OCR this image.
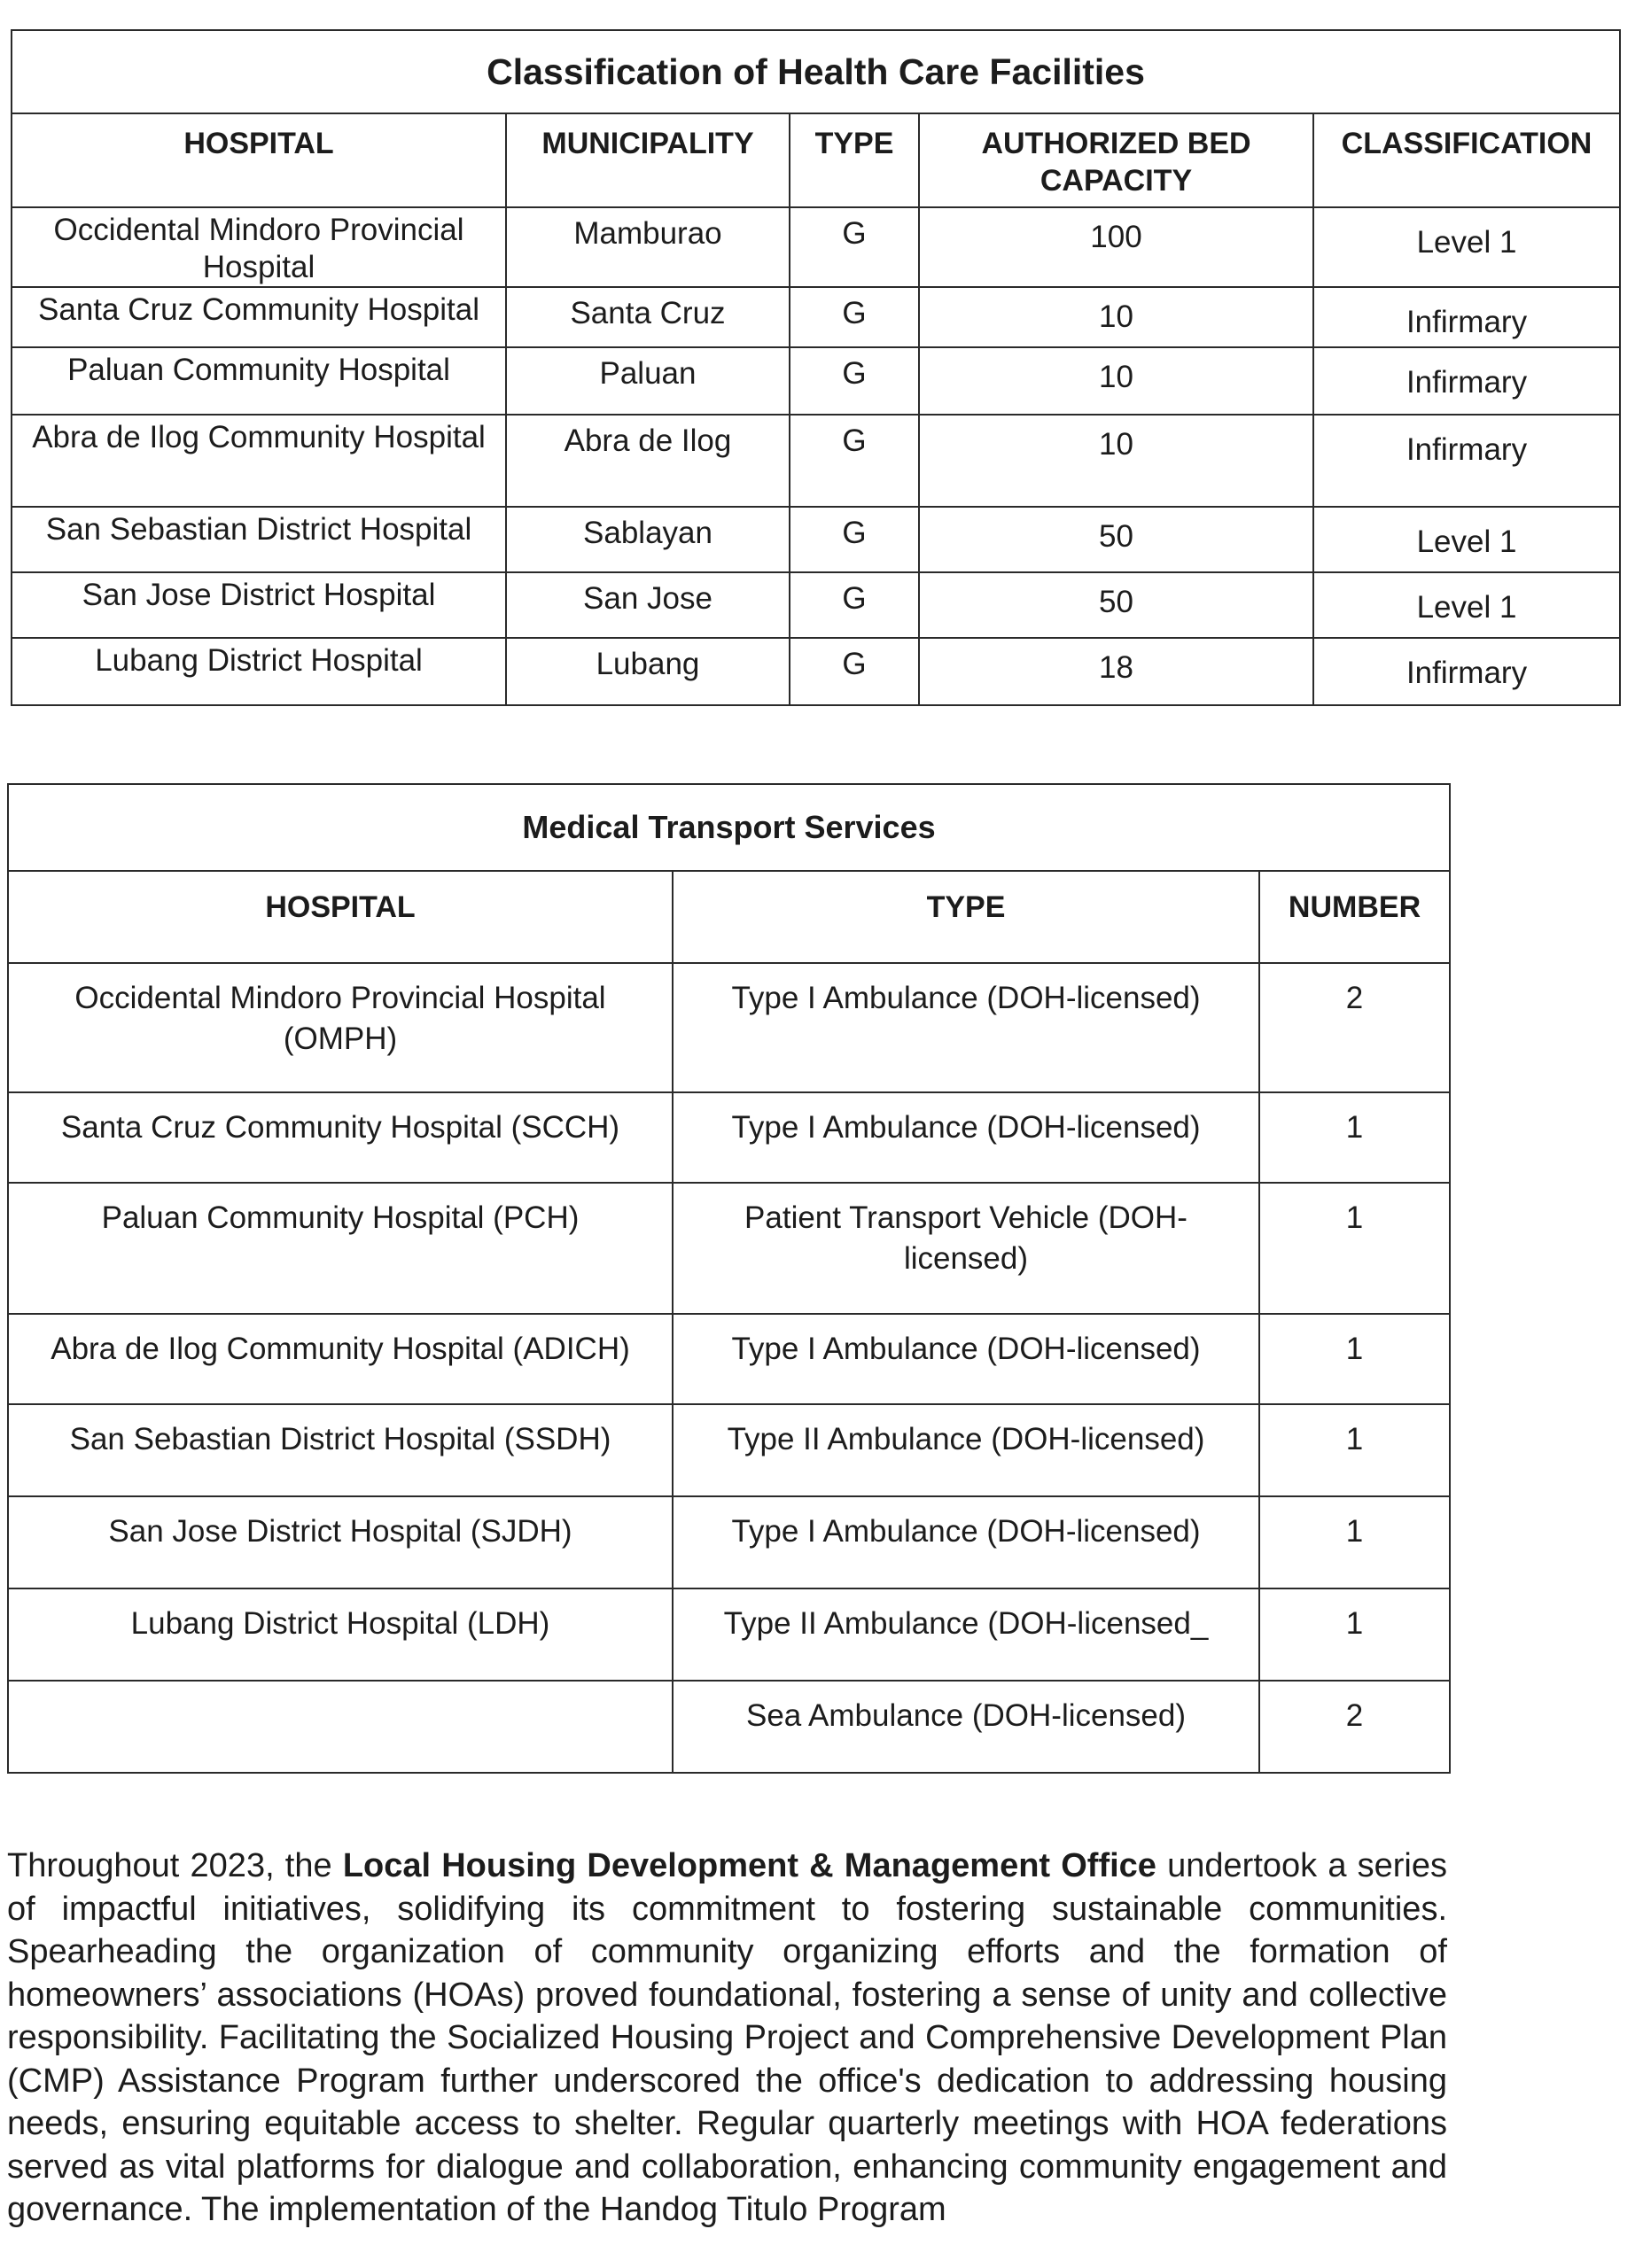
Classification of Health Care Facilities				
HOSPITAL	MUNICIPALITY	TYPE	AUTHORIZED BED CAPACITY	CLASSIFICATION
Occidental Mindoro Provincial Hospital	Mamburao	G	100	Level 1
Santa Cruz Community Hospital	Santa Cruz	G	10	Infirmary
Paluan Community Hospital	Paluan	G	10	Infirmary
Abra de Ilog Community Hospital	Abra de Ilog	G	10	Infirmary
San Sebastian District Hospital	Sablayan	G	50	Level 1
San Jose District Hospital	San Jose	G	50	Level 1
Lubang District Hospital	Lubang	G	18	Infirmary
Medical Transport Services		
HOSPITAL	TYPE	NUMBER
Occidental Mindoro Provincial Hospital (OMPH)	Type I Ambulance (DOH-licensed)	2
Santa Cruz Community Hospital (SCCH)	Type I Ambulance (DOH-licensed)	1
Paluan Community Hospital (PCH)	Patient Transport Vehicle (DOH-licensed)	1
Abra de Ilog Community Hospital (ADICH)	Type I Ambulance (DOH-licensed)	1
San Sebastian District Hospital (SSDH)	Type II Ambulance (DOH-licensed)	1
San Jose District Hospital (SJDH)	Type I Ambulance (DOH-licensed)	1
Lubang District Hospital (LDH)	Type II Ambulance (DOH-licensed_	1
	Sea Ambulance (DOH-licensed)	2

Throughout 2023, the Local Housing Development & Management Office undertook a series of impactful initiatives, solidifying its commitment to fostering sustainable communities. Spearheading the organization of community organizing efforts and the formation of homeowners’ associations (HOAs) proved foundational, fostering a sense of unity and collective responsibility. Facilitating the Socialized Housing Project and Comprehensive Development Plan (CMP) Assistance Program further underscored the office's dedication to addressing housing needs, ensuring equitable access to shelter. Regular quarterly meetings with HOA federations served as vital platforms for dialogue and collaboration, enhancing community engagement and governance. The implementation of the Handog Titulo Program
